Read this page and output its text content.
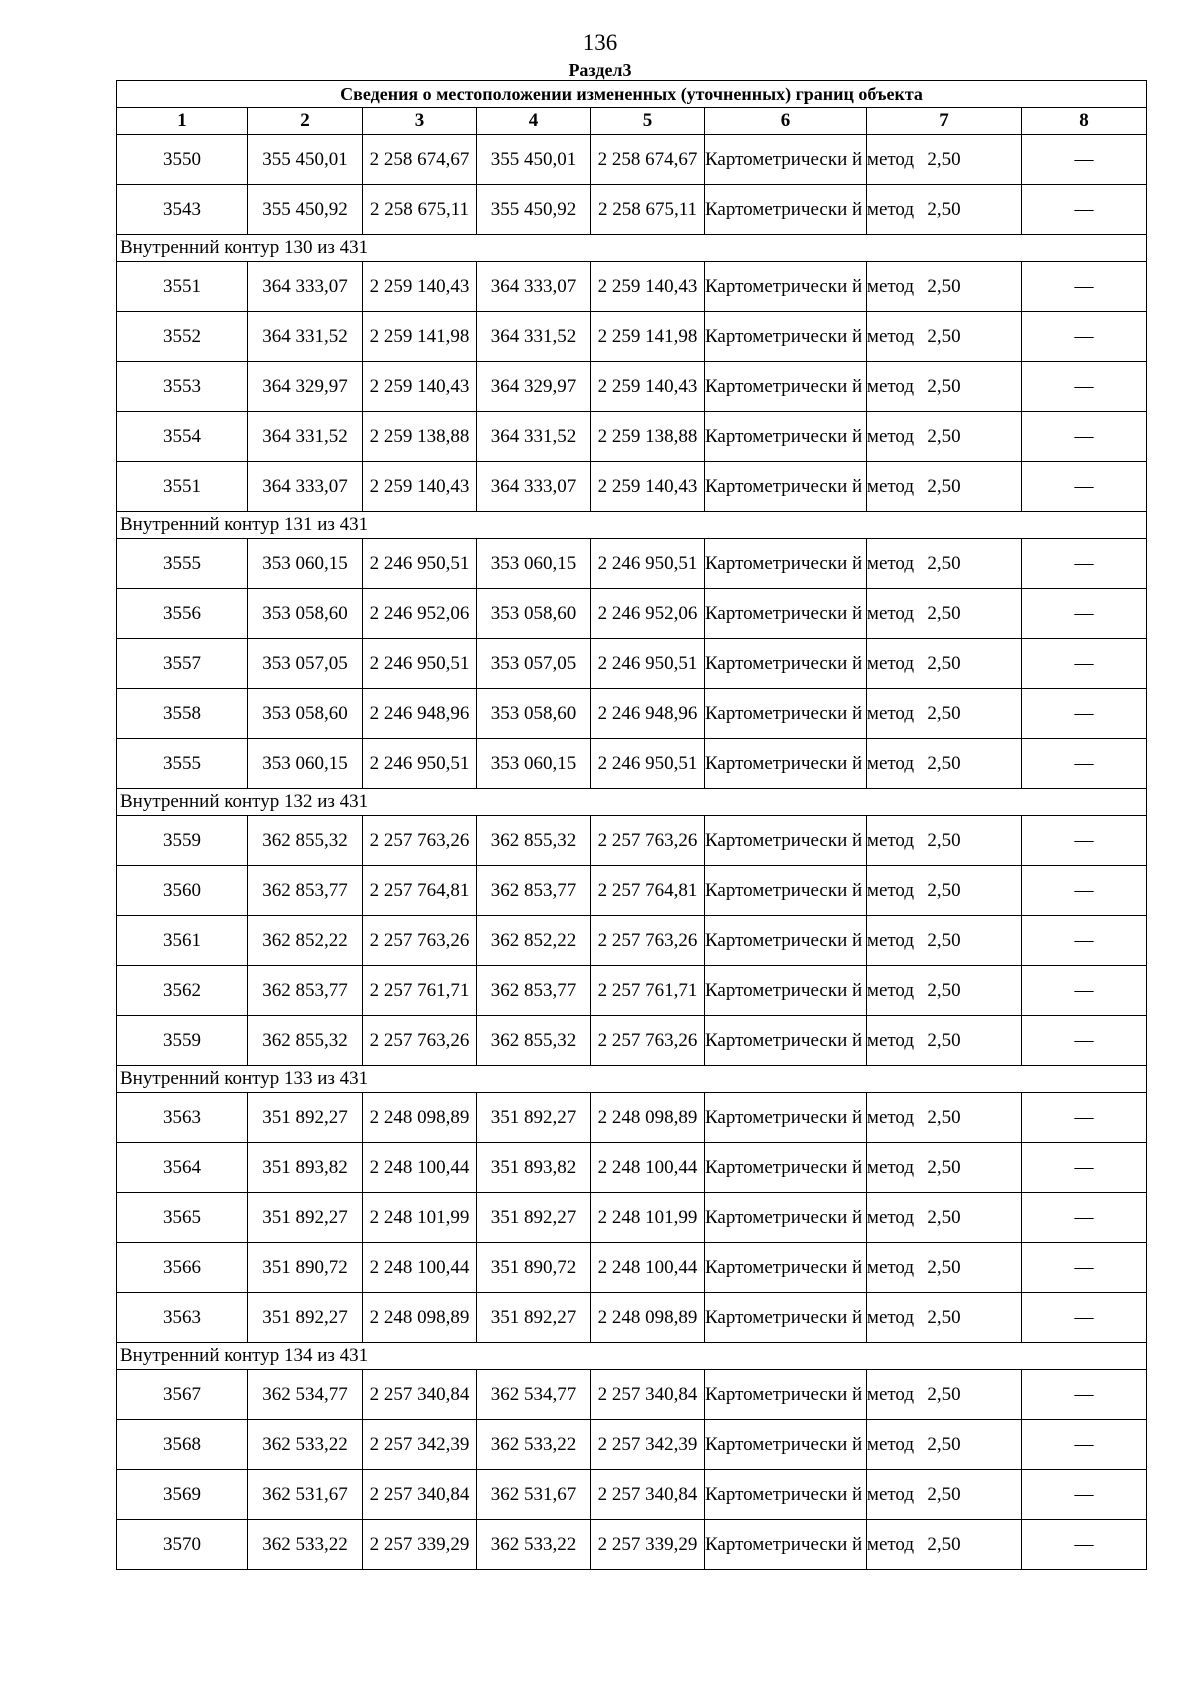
136
Раздел3
Сведения о местоположении измененных (уточненных) границ объекта							
1	2	3	4	5	6	7	8
3550	355 450,01	2 258 674,67	355 450,01	2 258 674,67	Картометрически й метод	2,50	—
3543	355 450,92	2 258 675,11	355 450,92	2 258 675,11	Картометрически й метод	2,50	—
Внутренний контур 130 из 431							
3551	364 333,07	2 259 140,43	364 333,07	2 259 140,43	Картометрически й метод	2,50	—
3552	364 331,52	2 259 141,98	364 331,52	2 259 141,98	Картометрически й метод	2,50	—
3553	364 329,97	2 259 140,43	364 329,97	2 259 140,43	Картометрически й метод	2,50	—
3554	364 331,52	2 259 138,88	364 331,52	2 259 138,88	Картометрически й метод	2,50	—
3551	364 333,07	2 259 140,43	364 333,07	2 259 140,43	Картометрически й метод	2,50	—
Внутренний контур 131 из 431							
3555	353 060,15	2 246 950,51	353 060,15	2 246 950,51	Картометрически й метод	2,50	—
3556	353 058,60	2 246 952,06	353 058,60	2 246 952,06	Картометрически й метод	2,50	—
3557	353 057,05	2 246 950,51	353 057,05	2 246 950,51	Картометрически й метод	2,50	—
3558	353 058,60	2 246 948,96	353 058,60	2 246 948,96	Картометрически й метод	2,50	—
3555	353 060,15	2 246 950,51	353 060,15	2 246 950,51	Картометрически й метод	2,50	—
Внутренний контур 132 из 431							
3559	362 855,32	2 257 763,26	362 855,32	2 257 763,26	Картометрически й метод	2,50	—
3560	362 853,77	2 257 764,81	362 853,77	2 257 764,81	Картометрически й метод	2,50	—
3561	362 852,22	2 257 763,26	362 852,22	2 257 763,26	Картометрически й метод	2,50	—
3562	362 853,77	2 257 761,71	362 853,77	2 257 761,71	Картометрически й метод	2,50	—
3559	362 855,32	2 257 763,26	362 855,32	2 257 763,26	Картометрически й метод	2,50	—
Внутренний контур 133 из 431							
3563	351 892,27	2 248 098,89	351 892,27	2 248 098,89	Картометрически й метод	2,50	—
3564	351 893,82	2 248 100,44	351 893,82	2 248 100,44	Картометрически й метод	2,50	—
3565	351 892,27	2 248 101,99	351 892,27	2 248 101,99	Картометрически й метод	2,50	—
3566	351 890,72	2 248 100,44	351 890,72	2 248 100,44	Картометрически й метод	2,50	—
3563	351 892,27	2 248 098,89	351 892,27	2 248 098,89	Картометрически й метод	2,50	—
Внутренний контур 134 из 431							
3567	362 534,77	2 257 340,84	362 534,77	2 257 340,84	Картометрически й метод	2,50	—
3568	362 533,22	2 257 342,39	362 533,22	2 257 342,39	Картометрически й метод	2,50	—
3569	362 531,67	2 257 340,84	362 531,67	2 257 340,84	Картометрически й метод	2,50	—
3570	362 533,22	2 257 339,29	362 533,22	2 257 339,29	Картометрически й метод	2,50	—
